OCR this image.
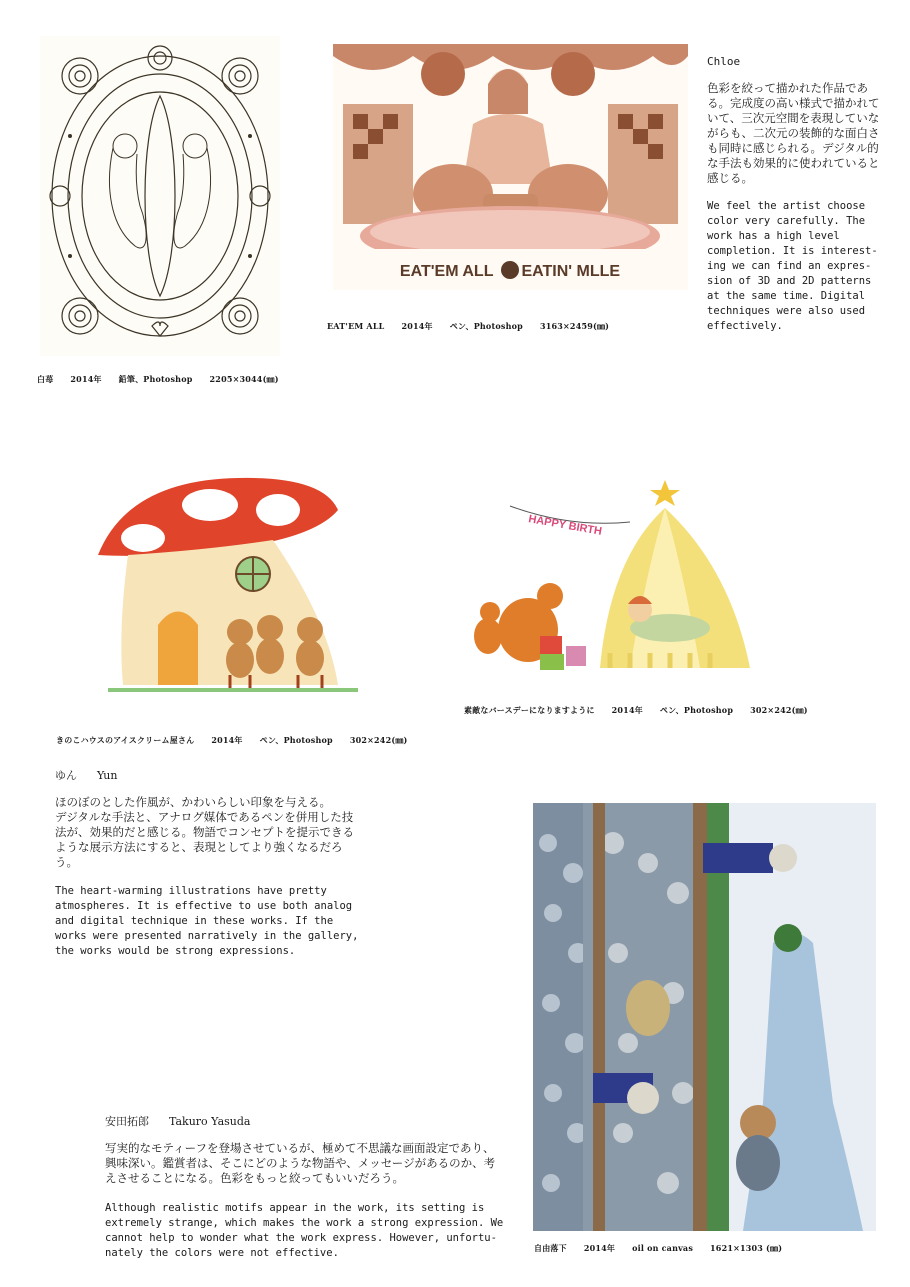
白苺 2014年 鉛筆、Photoshop 2205×3044(㎜)
EAT'EM ALL EATIN' MLLE
EAT'EM ALL 2014年 ペン、Photoshop 3163×2459(㎜)
Chloe
色彩を絞って描かれた作品である。完成度の高い様式で描かれていて、三次元空間を表現していながらも、二次元の装飾的な面白さも同時に感じられる。デジタル的な手法も効果的に使われていると感じる。
We feel the artist choose
color very carefully. The
work has a high level
completion. It is interest-
ing we can find an expres-
sion of 3D and 2D patterns
at the same time. Digital
techniques were also used
effectively.
きのこハウスのアイスクリーム屋さん 2014年 ペン、Photoshop 302×242(㎜)
HAPPY BIRTH
素敵なバースデーになりますように 2014年 ペン、Photoshop 302×242(㎜)
ゆん Yun
ほのぼのとした作風が、かわいらしい印象を与える。
デジタルな手法と、アナログ媒体であるペンを併用した技法が、効果的だと感じる。物語でコンセプトを提示できるような展示方法にすると、表現としてより強くなるだろう。
The heart-warming illustrations have pretty
atmospheres. It is effective to use both analog
and digital technique in these works. If the
works were presented narratively in the gallery,
the works would be strong expressions.
自由落下 2014年 oil on canvas 1621×1303 (㎜)
安田拓郎 Takuro Yasuda
写実的なモティーフを登場させているが、極めて不思議な画面設定であり、興味深い。鑑賞者は、そこにどのような物語や、メッセージがあるのか、考えさせることになる。色彩をもっと絞ってもいいだろう。
Although realistic motifs appear in the work, its setting is
extremely strange, which makes the work a strong expression. We
cannot help to wonder what the work express. However, unfortu-
nately the colors were not effective.
